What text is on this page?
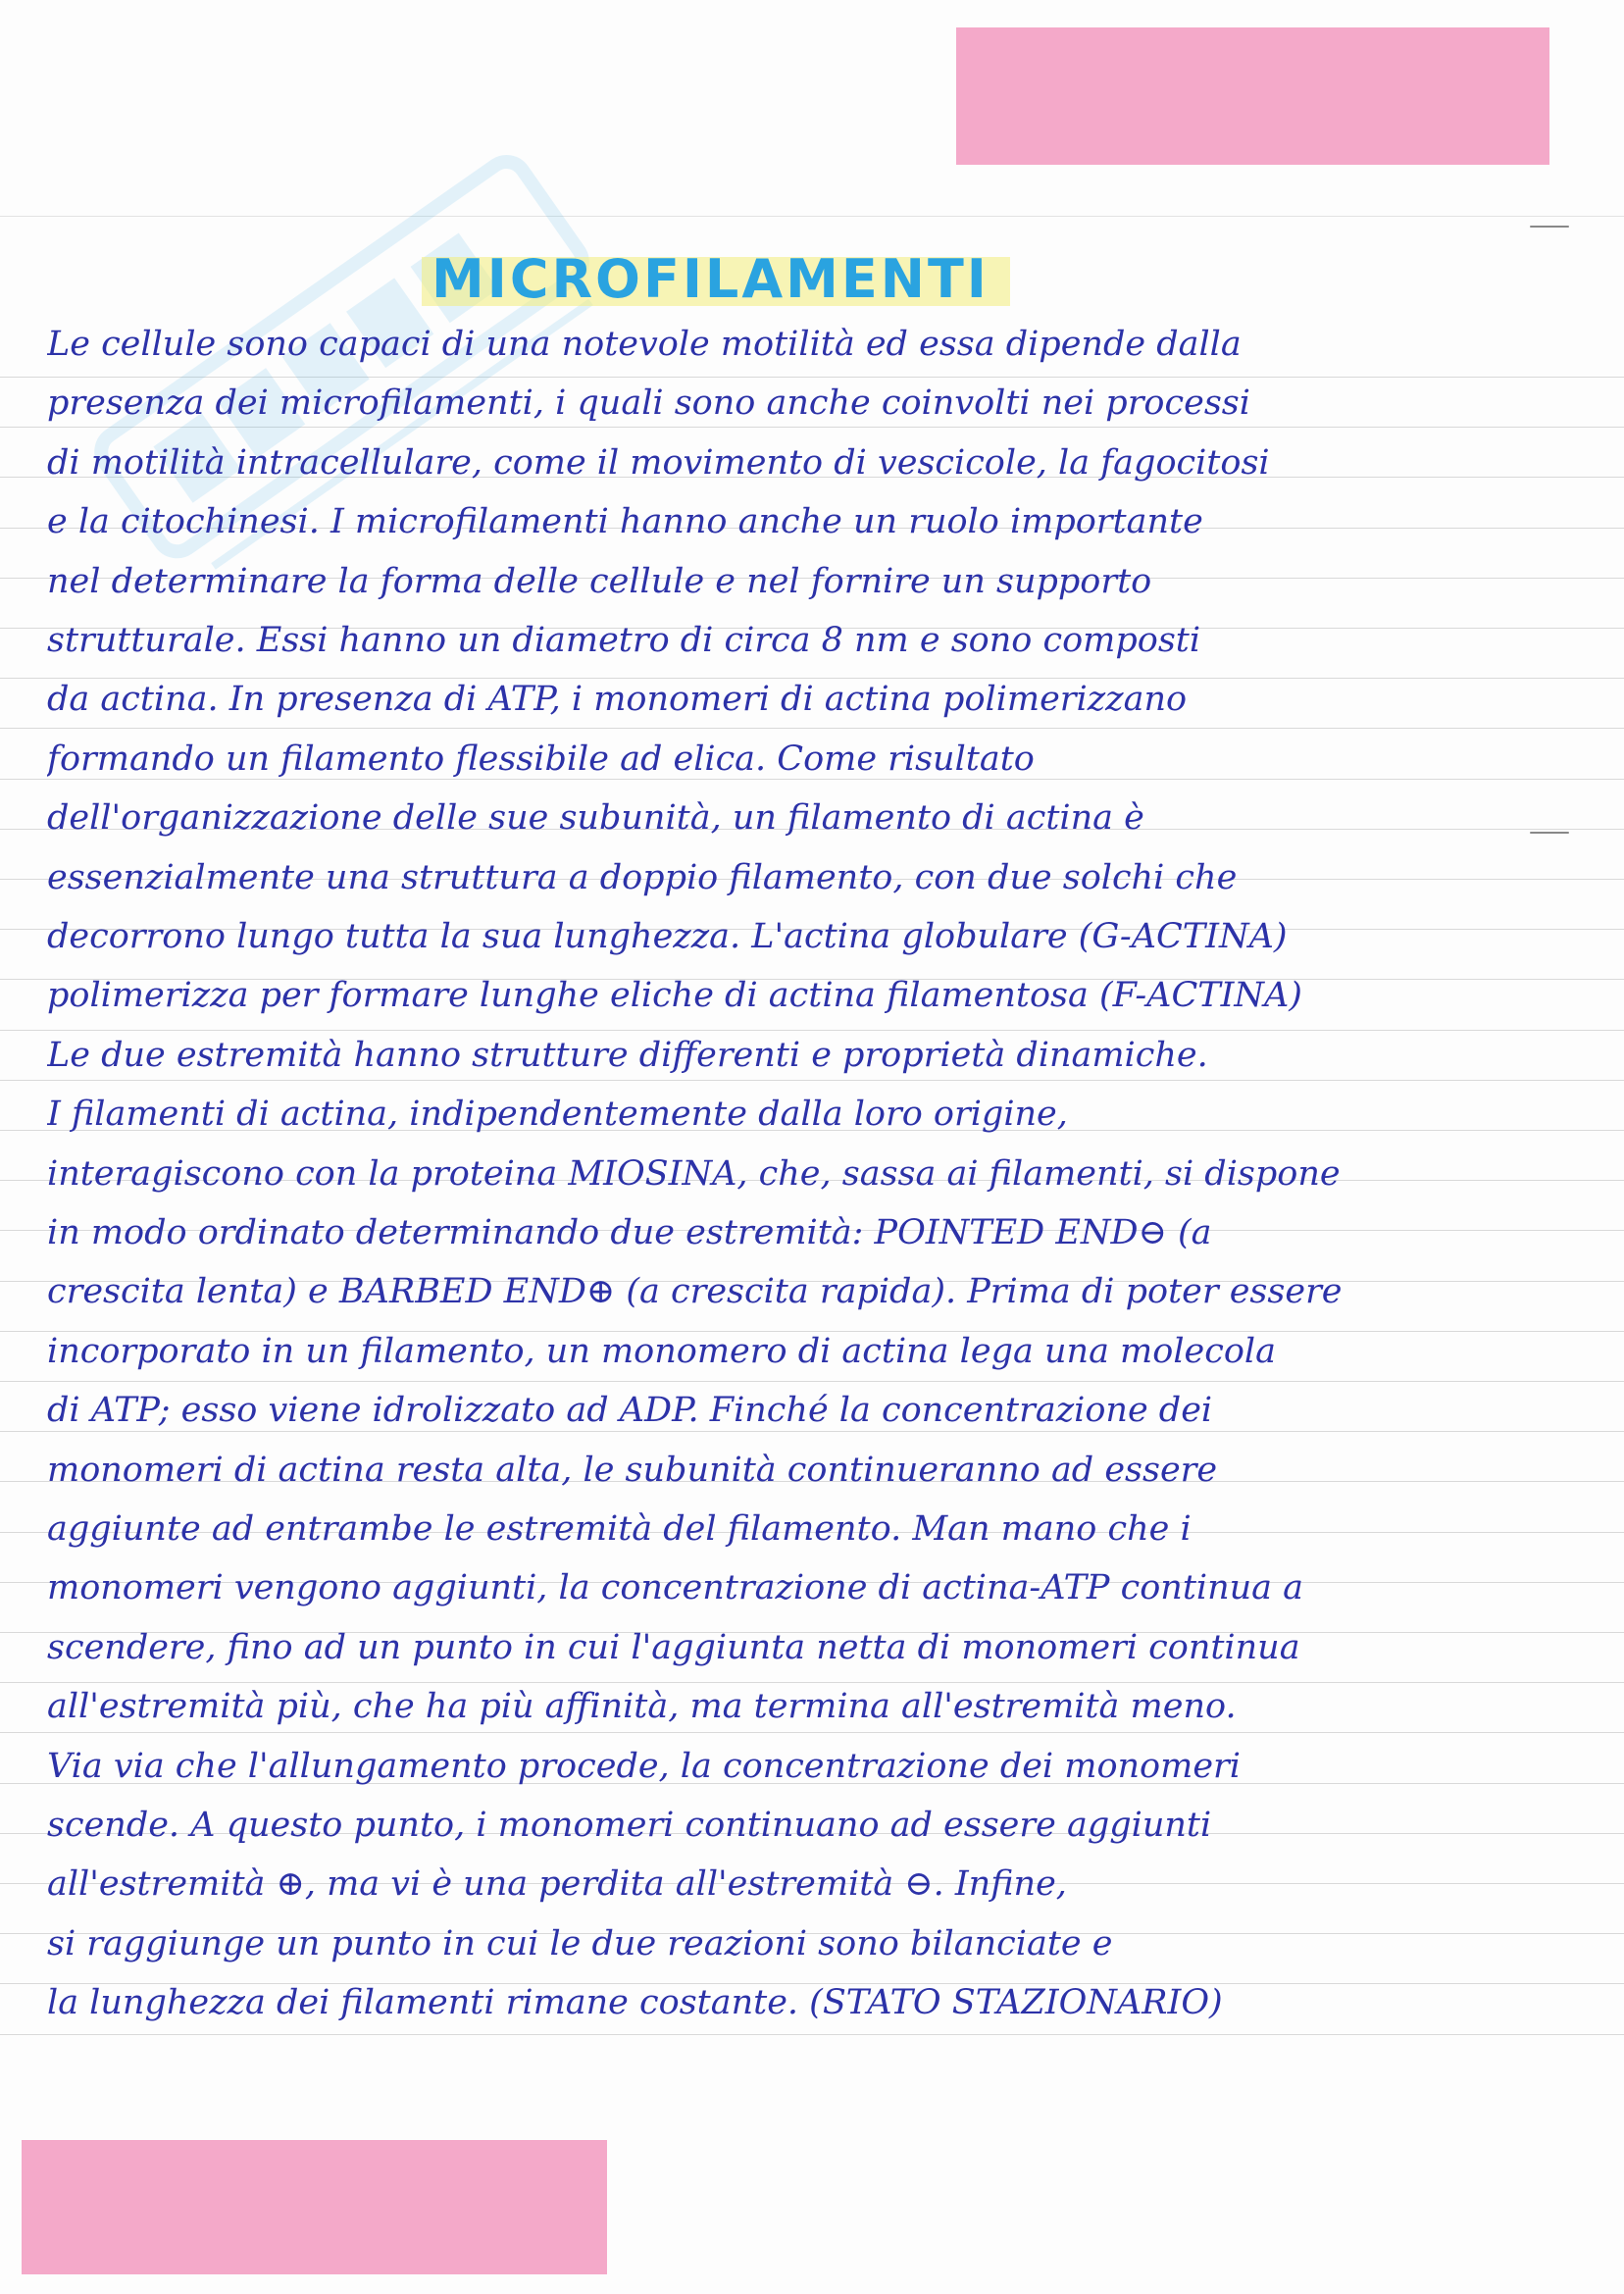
MICROFILAMENTI
Le cellule sono capaci di una notevole motilità ed essa dipende dalla
presenza dei microfilamenti, i quali sono anche coinvolti nei processi
di motilità intracellulare, come il movimento di vescicole, la fagocitosi
e la citochinesi. I microfilamenti hanno anche un ruolo importante
nel determinare la forma delle cellule e nel fornire un supporto
strutturale. Essi hanno un diametro di circa 8 nm e sono composti
da actina. In presenza di ATP, i monomeri di actina polimerizzano
formando un filamento flessibile ad elica. Come risultato
dell'organizzazione delle sue subunità, un filamento di actina è
essenzialmente una struttura a doppio filamento, con due solchi che
decorrono lungo tutta la sua lunghezza. L'actina globulare (G-ACTINA)
polimerizza per formare lunghe eliche di actina filamentosa (F-ACTINA)
Le due estremità hanno strutture differenti e proprietà dinamiche.
I filamenti di actina, indipendentemente dalla loro origine,
interagiscono con la proteina MIOSINA, che, sassa ai filamenti, si dispone
in modo ordinato determinando due estremità: POINTED END⊖ (a
crescita lenta) e BARBED END⊕ (a crescita rapida). Prima di poter essere
incorporato in un filamento, un monomero di actina lega una molecola
di ATP; esso viene idrolizzato ad ADP. Finché la concentrazione dei
monomeri di actina resta alta, le subunità continueranno ad essere
aggiunte ad entrambe le estremità del filamento. Man mano che i
monomeri vengono aggiunti, la concentrazione di actina-ATP continua a
scendere, fino ad un punto in cui l'aggiunta netta di monomeri continua
all'estremità più, che ha più affinità, ma termina all'estremità meno.
Via via che l'allungamento procede, la concentrazione dei monomeri
scende. A questo punto, i monomeri continuano ad essere aggiunti
all'estremità ⊕, ma vi è una perdita all'estremità ⊖. Infine,
si raggiunge un punto in cui le due reazioni sono bilanciate e
la lunghezza dei filamenti rimane costante. (STATO STAZIONARIO)
